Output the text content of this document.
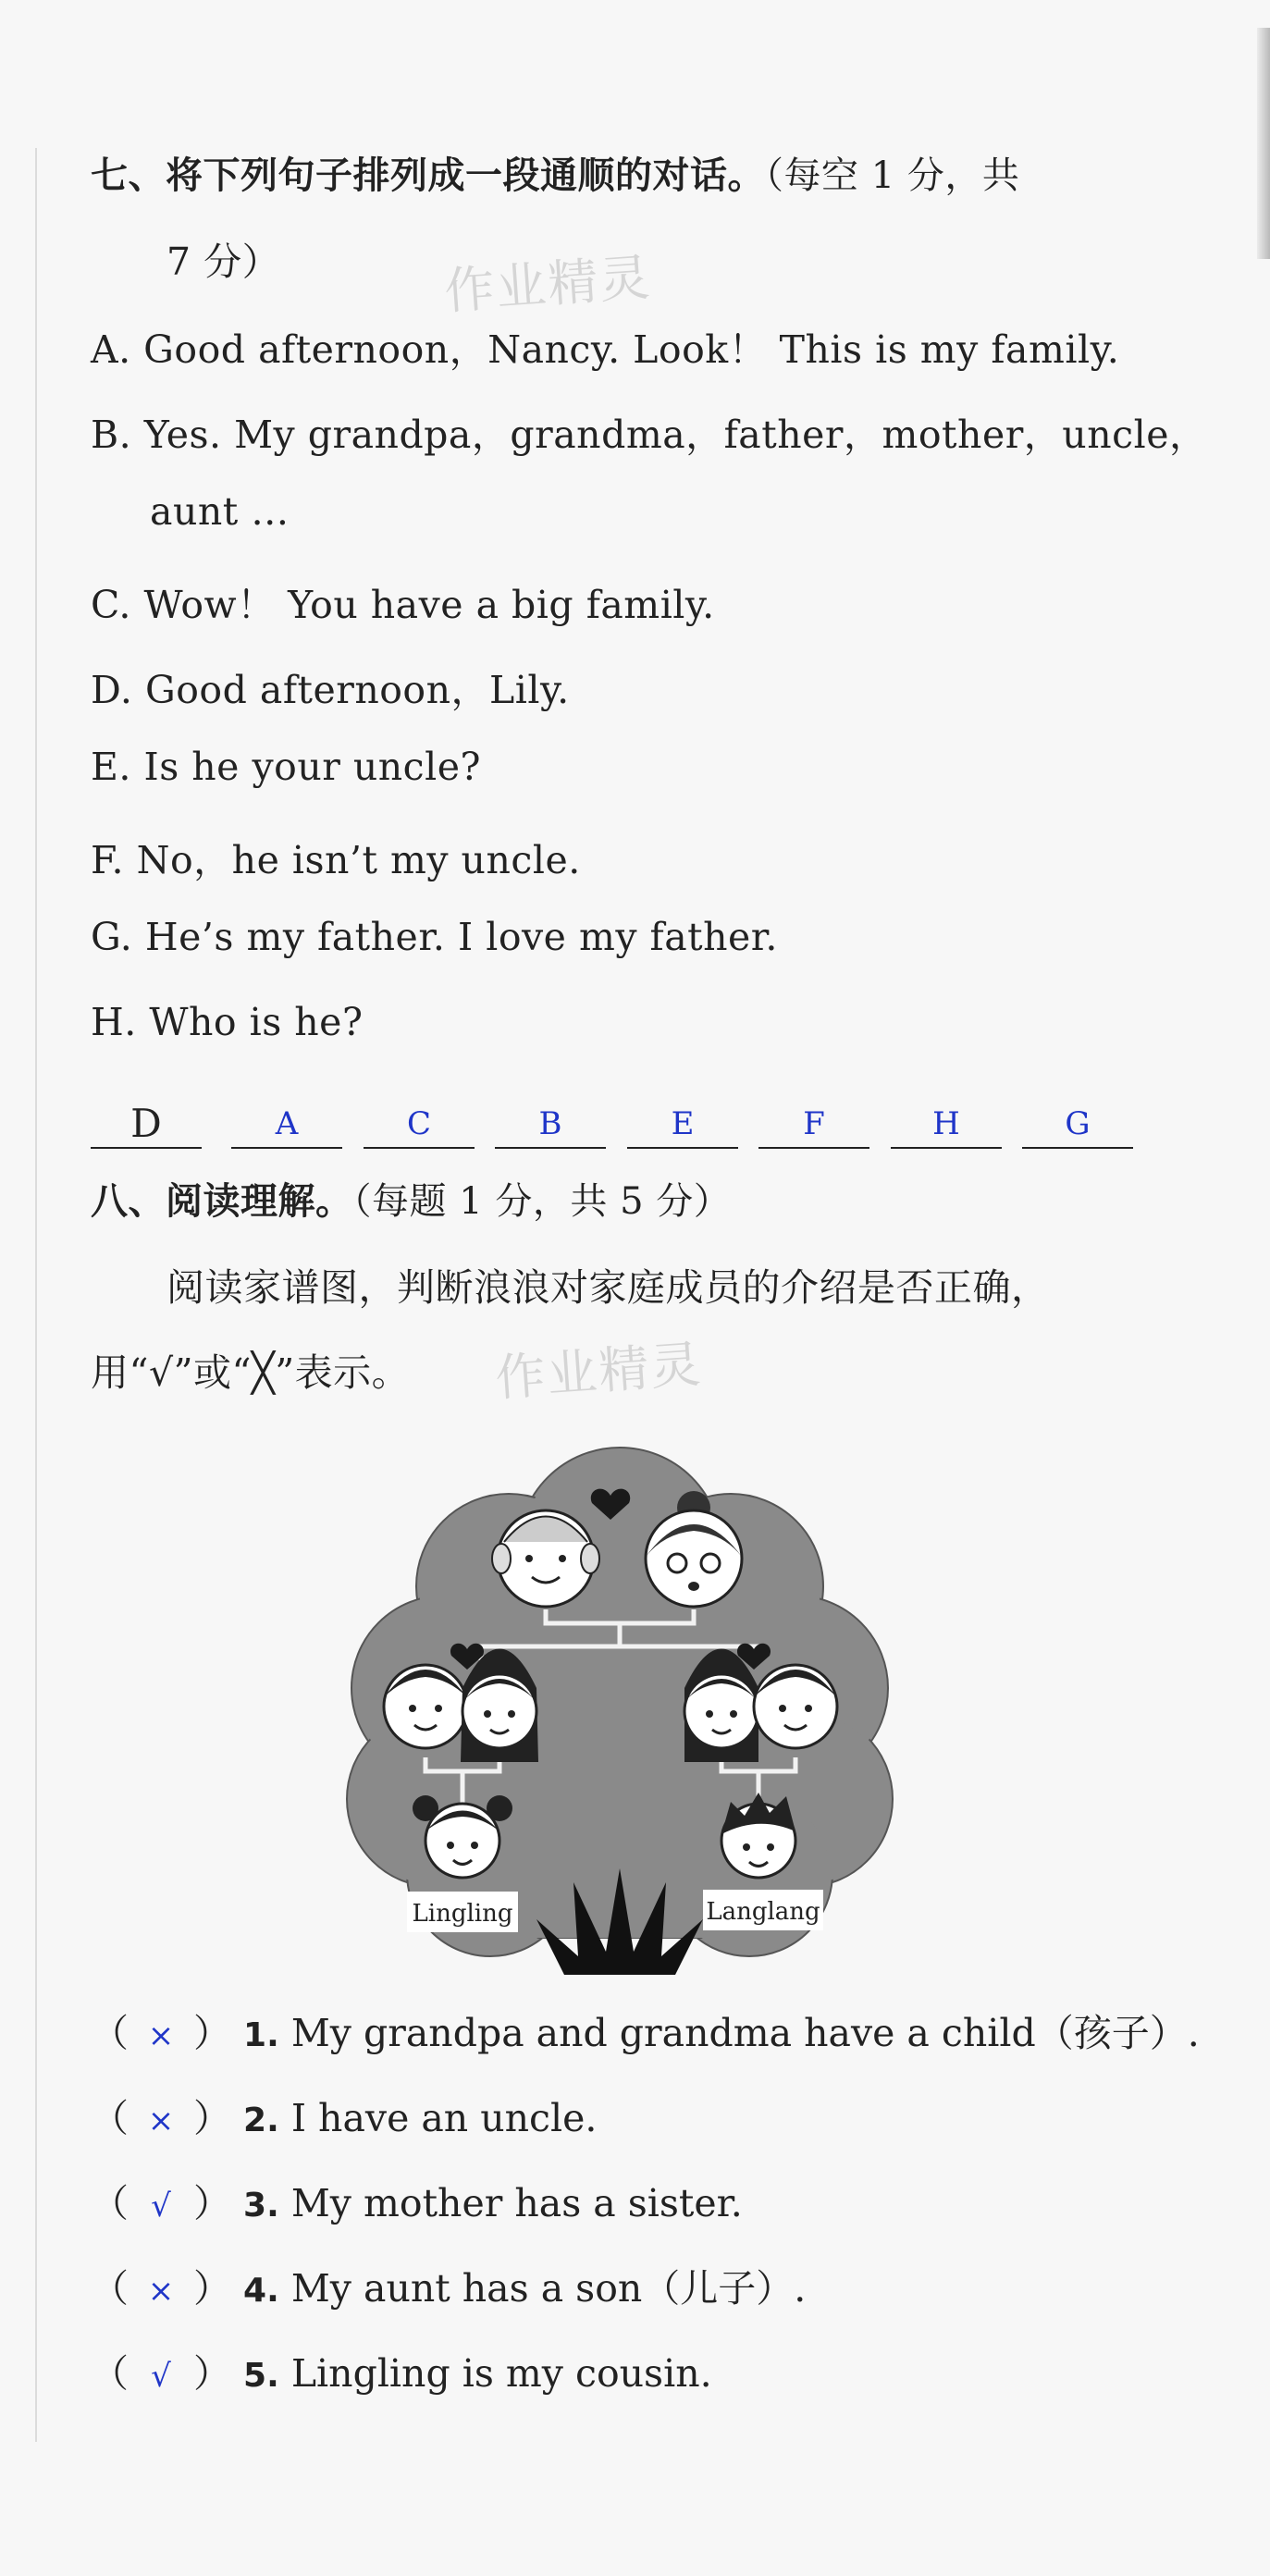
七、将下列句子排列成一段通顺的对话。（每空 1 分，共
7 分）	作业精灵
A. Good afternoon，Nancy. Look！ This is my family.
B. Yes. My grandpa，grandma，father，mother，uncle，
aunt …
C. Wow！ You have a big family.
D. Good afternoon，Lily.
E. Is he your uncle?
F. No，he isn’t my uncle.
G. He’s my father. I love my father.
H. Who is he?
D	A	C	B	E	F	H	G
八、阅读理解。（每题 1 分，共 5 分）
阅读家谱图，判断浪浪对家庭成员的介绍是否正确，
用“√”或“╳”表示。 作业精灵
Lingling	Langlang
（ × ） 1. My grandpa and grandma have a child（孩子）.
（ × ） 2. I have an uncle.
（ √ ） 3. My mother has a sister.
（ × ） 4. My aunt has a son（儿子）.
（ √ ） 5. Lingling is my cousin.
